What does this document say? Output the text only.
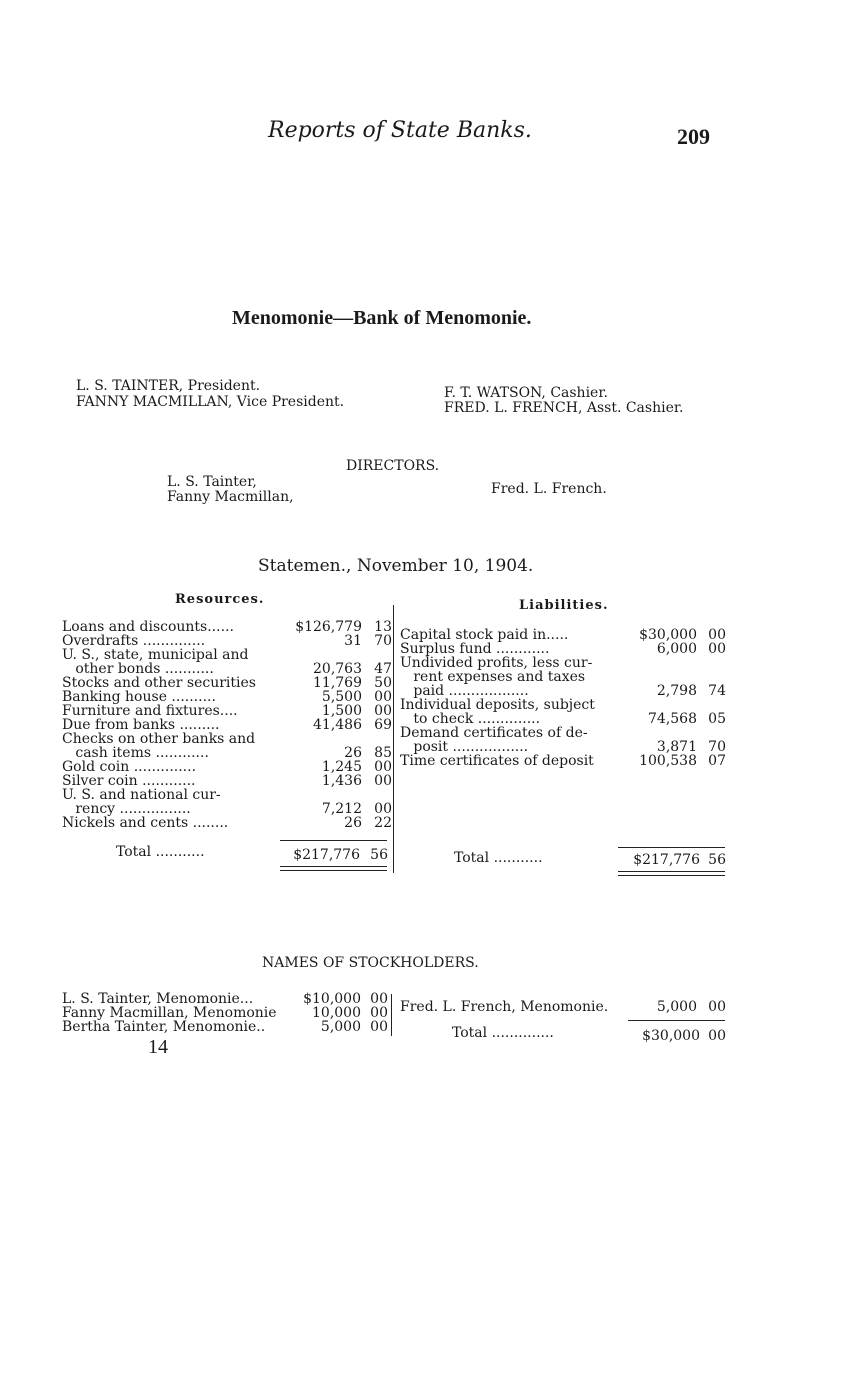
Reports of State Banks.	209
Menomonie—Bank of Menomonie.
L. S. TAINTER, President.
FANNY MACMILLAN, Vice President.
F. T. WATSON, Cashier.
FRED. L. FRENCH, Asst. Cashier.
DIRECTORS.
L. S. Tainter,
Fanny Macmillan,	Fred. L. French.
Statemen., November 10, 1904.
Resources.	Liabilities.
Loans and discounts......	$126,779 13
Overdrafts ..............	31 70
U. S., state, municipal and
other bonds ...........	20,763 47
Stocks and other securities	11,769 50
Banking house ..........	5,500 00
Furniture and fixtures....	1,500 00
Due from banks .........	41,486 69
Checks on other banks and
cash items ............	26 85
Gold coin ..............	1,245 00
Silver coin ............	1,436 00
U. S. and national cur-
rency ................	7,212 00
Nickels and cents ........	26 22
Total ...........	$217,776 56
Capital stock paid in.....	$30,000 00
Surplus fund ............	6,000 00
Undivided profits, less cur-
rent expenses and taxes
paid ..................	2,798 74
Individual deposits, subject
to check ..............	74,568 05
Demand certificates of de-
posit .................	3,871 70
Time certificates of deposit	100,538 07
Total ...........	$217,776 56
NAMES OF STOCKHOLDERS.
L. S. Tainter, Menomonie...	$10,000 00
Fanny Macmillan, Menomonie	10,000 00
Bertha Tainter, Menomonie..	5,000 00
Fred. L. French, Menomonie.	5,000 00
Total ..............	$30,000 00
14
